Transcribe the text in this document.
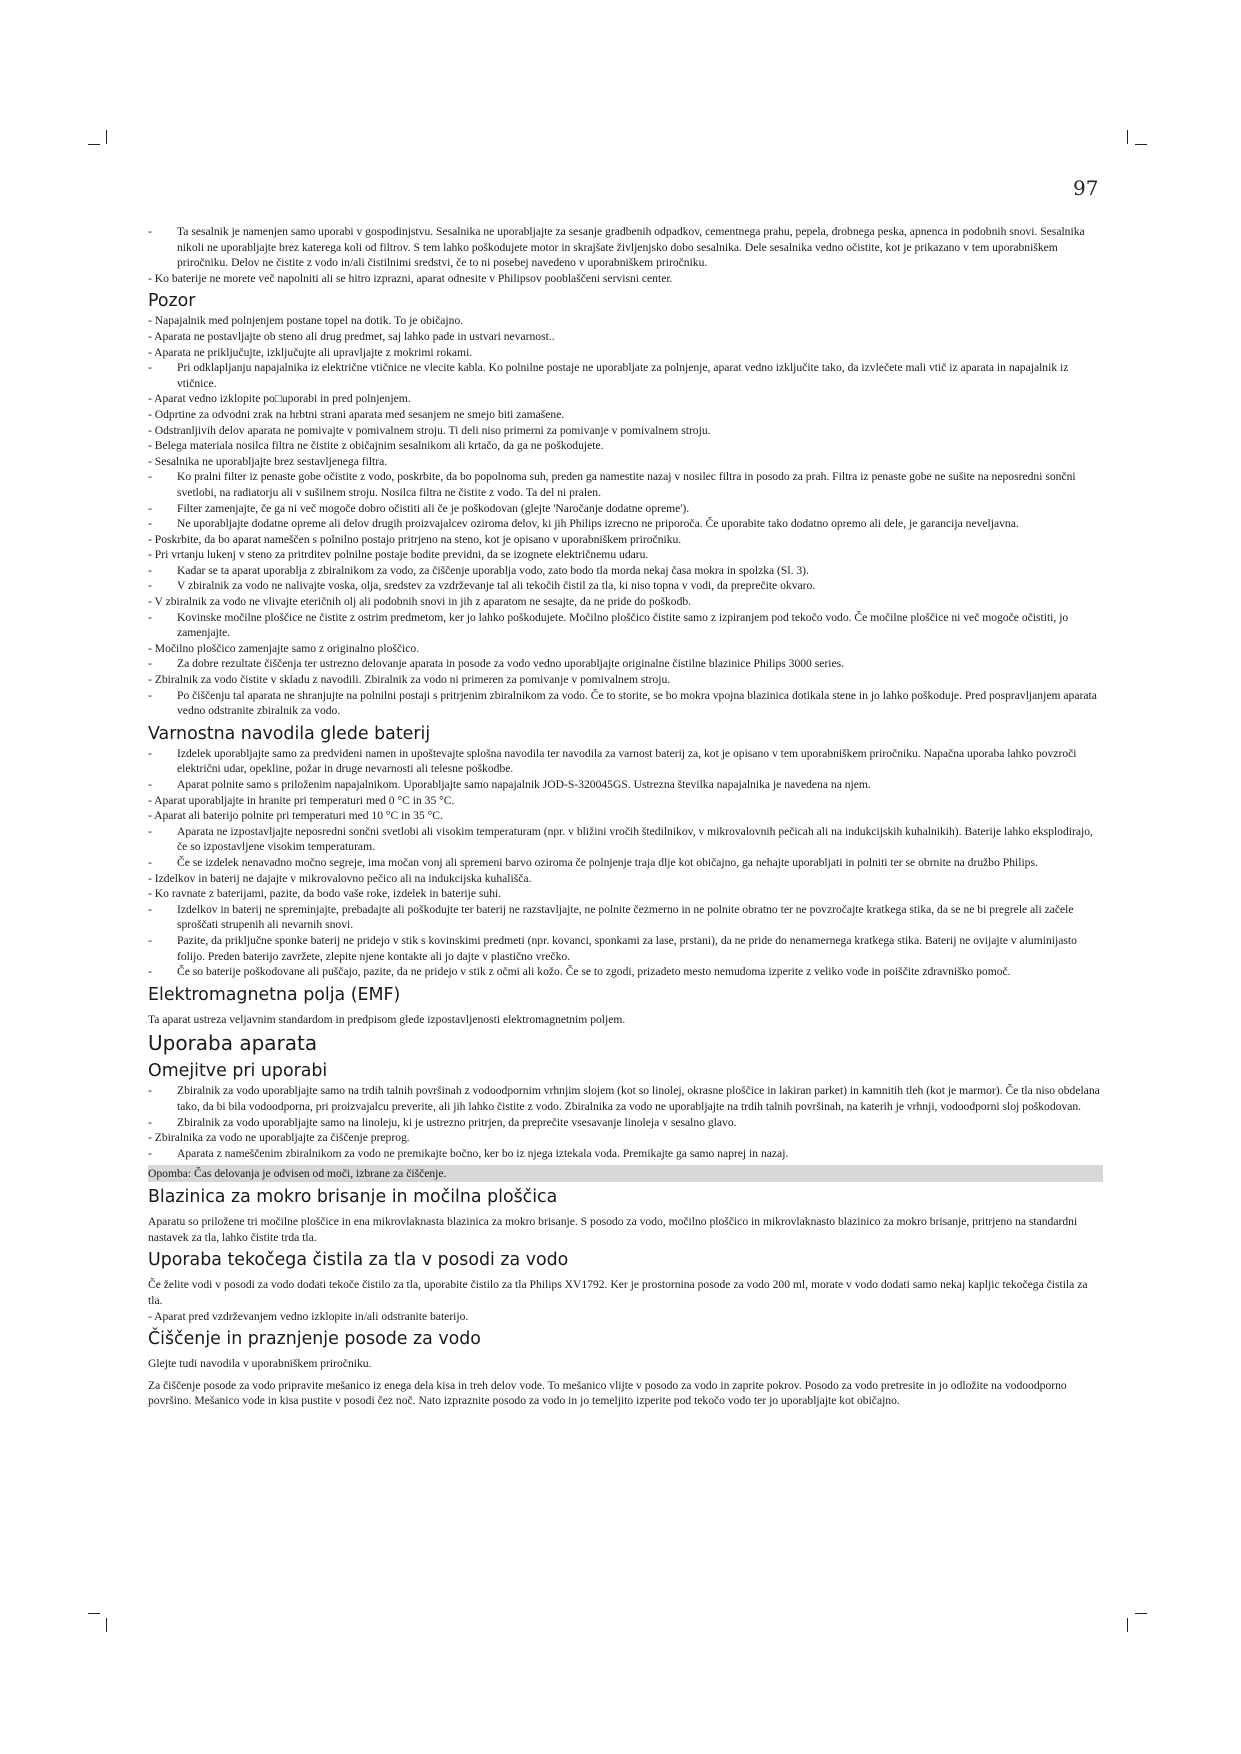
97

- Ta sesalnik je namenjen samo uporabi v gospodinjstvu. Sesalnika ne uporabljajte za sesanje gradbenih odpadkov, cementnega prahu, pepela, drobnega peska, apnenca in podobnih snovi. Sesalnika nikoli ne uporabljajte brez katerega koli od filtrov. S tem lahko poškodujete motor in skrajšate življenjsko dobo sesalnika. Dele sesalnika vedno očistite, kot je prikazano v tem uporabniškem priročniku. Delov ne čistite z vodo in/ali čistilnimi sredstvi, če to ni posebej navedeno v uporabniškem priročniku.

- Ko baterije ne morete več napolniti ali se hitro izprazni, aparat odnesite v Philipsov pooblaščeni servisni center.

Pozor

- Napajalnik med polnjenjem postane topel na dotik. To je običajno.

- Aparata ne postavljajte ob steno ali drug predmet, saj lahko pade in ustvari nevarnost..

- Aparata ne priključujte, izključujte ali upravljajte z mokrimi rokami.

- Pri odklapljanju napajalnika iz električne vtičnice ne vlecite kabla. Ko polnilne postaje ne uporabljate za polnjenje, aparat vedno izključite tako, da izvlečete mali vtič iz aparata in napajalnik iz vtičnice.

- Aparat vedno izklopite po□uporabi in pred polnjenjem.

- Odprtine za odvodni zrak na hrbtni strani aparata med sesanjem ne smejo biti zamašene.

- Odstranljivih delov aparata ne pomivajte v pomivalnem stroju. Ti deli niso primerni za pomivanje v pomivalnem stroju.

- Belega materiala nosilca filtra ne čistite z običajnim sesalnikom ali krtačo, da ga ne poškodujete.

- Sesalnika ne uporabljajte brez sestavljenega filtra.

- Ko pralni filter iz penaste gobe očistite z vodo, poskrbite, da bo popolnoma suh, preden ga namestite nazaj v nosilec filtra in posodo za prah. Filtra iz penaste gobe ne sušite na neposredni sončni svetlobi, na radiatorju ali v sušilnem stroju. Nosilca filtra ne čistite z vodo. Ta del ni pralen.

- Filter zamenjajte, če ga ni več mogoče dobro očistiti ali če je poškodovan (glejte 'Naročanje dodatne opreme').

- Ne uporabljajte dodatne opreme ali delov drugih proizvajalcev oziroma delov, ki jih Philips izrecno ne priporoča. Če uporabite tako dodatno opremo ali dele, je garancija neveljavna.

- Poskrbite, da bo aparat nameščen s polnilno postajo pritrjeno na steno, kot je opisano v uporabniškem priročniku.

- Pri vrtanju lukenj v steno za pritrditev polnilne postaje bodite previdni, da se izognete električnemu udaru.

- Kadar se ta aparat uporablja z zbiralnikom za vodo, za čiščenje uporablja vodo, zato bodo tla morda nekaj časa mokra in spolzka (Sl. 3).

- V zbiralnik za vodo ne nalivajte voska, olja, sredstev za vzdrževanje tal ali tekočih čistil za tla, ki niso topna v vodi, da preprečite okvaro.

- V zbiralnik za vodo ne vlivajte eteričnih olj ali podobnih snovi in jih z aparatom ne sesajte, da ne pride do poškodb.

- Kovinske močilne ploščice ne čistite z ostrim predmetom, ker jo lahko poškodujete. Močilno ploščico čistite samo z izpiranjem pod tekočo vodo. Če močilne ploščice ni več mogoče očistiti, jo zamenjajte.

- Močilno ploščico zamenjajte samo z originalno ploščico.

- Za dobre rezultate čiščenja ter ustrezno delovanje aparata in posode za vodo vedno uporabljajte originalne čistilne blazinice Philips 3000 series.

- Zbiralnik za vodo čistite v skladu z navodili. Zbiralnik za vodo ni primeren za pomivanje v pomivalnem stroju.

- Po čiščenju tal aparata ne shranjujte na polnilni postaji s pritrjenim zbiralnikom za vodo. Če to storite, se bo mokra vpojna blazinica dotikala stene in jo lahko poškoduje. Pred pospravljanjem aparata vedno odstranite zbiralnik za vodo.

Varnostna navodila glede baterij

- Izdelek uporabljajte samo za predvideni namen in upoštevajte splošna navodila ter navodila za varnost baterij za, kot je opisano v tem uporabniškem priročniku. Napačna uporaba lahko povzroči električni udar, opekline, požar in druge nevarnosti ali telesne poškodbe.

- Aparat polnite samo s priloženim napajalnikom. Uporabljajte samo napajalnik JOD-S-320045GS. Ustrezna številka napajalnika je navedena na njem.

- Aparat uporabljajte in hranite pri temperaturi med 0 °C in 35 °C.

- Aparat ali baterijo polnite pri temperaturi med 10 °C in 35 °C.

- Aparata ne izpostavljajte neposredni sončni svetlobi ali visokim temperaturam (npr. v bližini vročih štedilnikov, v mikrovalovnih pečicah ali na indukcijskih kuhalnikih). Baterije lahko eksplodirajo, če so izpostavljene visokim temperaturam.

- Če se izdelek nenavadno močno segreje, ima močan vonj ali spremeni barvo oziroma če polnjenje traja dlje kot običajno, ga nehajte uporabljati in polniti ter se obrnite na družbo Philips.

- Izdelkov in baterij ne dajajte v mikrovalovno pečico ali na indukcijska kuhališča.

- Ko ravnate z baterijami, pazite, da bodo vaše roke, izdelek in baterije suhi.

- Izdelkov in baterij ne spreminjajte, prebadajte ali poškodujte ter baterij ne razstavljajte, ne polnite čezmerno in ne polnite obratno ter ne povzročajte kratkega stika, da se ne bi pregrele ali začele sproščati strupenih ali nevarnih snovi.

- Pazite, da priključne sponke baterij ne pridejo v stik s kovinskimi predmeti (npr. kovanci, sponkami za lase, prstani), da ne pride do nenamernega kratkega stika. Baterij ne ovijajte v aluminijasto folijo. Preden baterijo zavržete, zlepite njene kontakte ali jo dajte v plastično vrečko.

- Če so baterije poškodovane ali puščajo, pazite, da ne pridejo v stik z očmi ali kožo. Če se to zgodi, prizadeto mesto nemudoma izperite z veliko vode in poiščite zdravniško pomoč.

Elektromagnetna polja (EMF)

Ta aparat ustreza veljavnim standardom in predpisom glede izpostavljenosti elektromagnetnim poljem.

Uporaba aparata
Omejitve pri uporabi

- Zbiralnik za vodo uporabljajte samo na trdih talnih površinah z vodoodpornim vrhnjim slojem (kot so linolej, okrasne ploščice in lakiran parket) in kamnitih tleh (kot je marmor). Če tla niso obdelana tako, da bi bila vodoodporna, pri proizvajalcu preverite, ali jih lahko čistite z vodo. Zbiralnika za vodo ne uporabljajte na trdih talnih površinah, na katerih je vrhnji, vodoodporni sloj poškodovan.

- Zbiralnik za vodo uporabljajte samo na linoleju, ki je ustrezno pritrjen, da preprečite vsesavanje linoleja v sesalno glavo.

- Zbiralnika za vodo ne uporabljajte za čiščenje preprog.

- Aparata z nameščenim zbiralnikom za vodo ne premikajte bočno, ker bo iz njega iztekala voda. Premikajte ga samo naprej in nazaj.

Opomba: Čas delovanja je odvisen od moči, izbrane za čiščenje.

Blazinica za mokro brisanje in močilna ploščica

Aparatu so priložene tri močilne ploščice in ena mikrovlaknasta blazinica za mokro brisanje. S posodo za vodo, močilno ploščico in mikrovlaknasto blazinico za mokro brisanje, pritrjeno na standardni nastavek za tla, lahko čistite trda tla.

Uporaba tekočega čistila za tla v posodi za vodo

Če želite vodi v posodi za vodo dodati tekoče čistilo za tla, uporabite čistilo za tla Philips XV1792. Ker je prostornina posode za vodo 200 ml, morate v vodo dodati samo nekaj kapljic tekočega čistila za tla.

- Aparat pred vzdrževanjem vedno izklopite in/ali odstranite baterijo.

Čiščenje in praznjenje posode za vodo

Glejte tudi navodila v uporabniškem priročniku.

Za čiščenje posode za vodo pripravite mešanico iz enega dela kisa in treh delov vode. To mešanico vlijte v posodo za vodo in zaprite pokrov. Posodo za vodo pretresite in jo odložite na vodoodporno površino. Mešanico vode in kisa pustite v posodi čez noč. Nato izpraznite posodo za vodo in jo temeljito izperite pod tekočo vodo ter jo uporabljajte kot običajno.
